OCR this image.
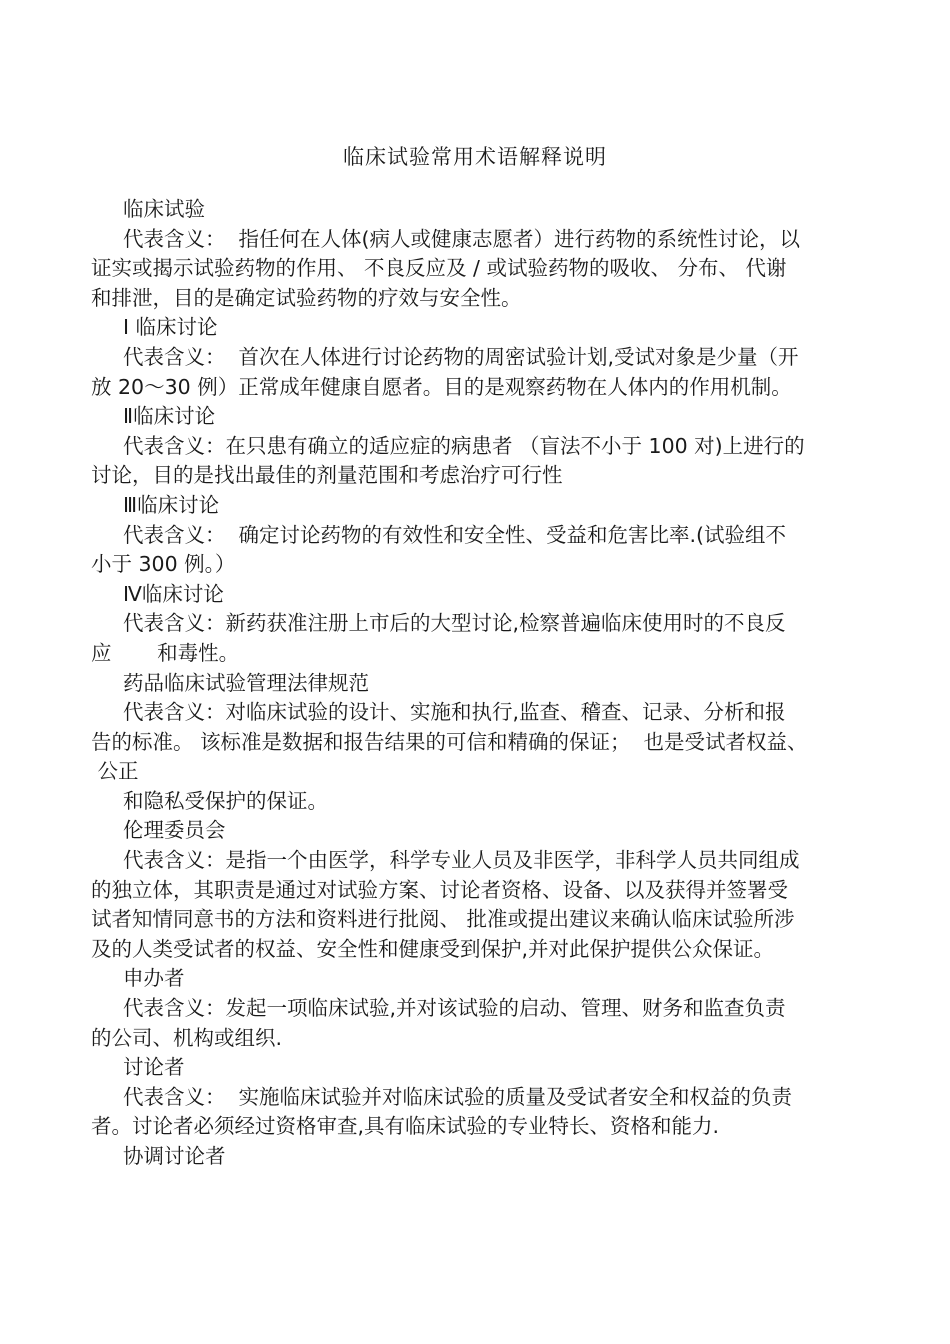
临床试验常用术语解释说明
临床试验
代表含义：  指任何在人体(病人或健康志愿者）进行药物的系统性讨论，以
证实或揭示试验药物的作用、 不良反应及 / 或试验药物的吸收、 分布、 代谢
和排泄，目的是确定试验药物的疗效与安全性。
I 临床讨论
代表含义：  首次在人体进行讨论药物的周密试验计划,受试对象是少量（开
放 20～30 例）正常成年健康自愿者。目的是观察药物在人体内的作用机制。
Ⅱ临床讨论
代表含义：在只患有确立的适应症的病患者 （盲法不小于 100 对)上进行的
讨论，目的是找出最佳的剂量范围和考虑治疗可行性
Ⅲ临床讨论
代表含义：  确定讨论药物的有效性和安全性、受益和危害比率.(试验组不
小于 300 例。）
Ⅳ临床讨论
代表含义：新药获准注册上市后的大型讨论,检察普遍临床使用时的不良反
应       和毒性。
药品临床试验管理法律规范
代表含义：对临床试验的设计、实施和执行,监查、稽查、记录、分析和报
告的标准。 该标准是数据和报告结果的可信和精确的保证；  也是受试者权益、
公正
和隐私受保护的保证。
伦理委员会
代表含义：是指一个由医学，科学专业人员及非医学，非科学人员共同组成
的独立体，其职责是通过对试验方案、讨论者资格、设备、以及获得并签署受
试者知情同意书的方法和资料进行批阅、 批准或提出建议来确认临床试验所涉
及的人类受试者的权益、安全性和健康受到保护,并对此保护提供公众保证。
申办者
代表含义：发起一项临床试验,并对该试验的启动、管理、财务和监查负责
的公司、机构或组织.
讨论者
代表含义：  实施临床试验并对临床试验的质量及受试者安全和权益的负责
者。讨论者必须经过资格审查,具有临床试验的专业特长、资格和能力.
协调讨论者
